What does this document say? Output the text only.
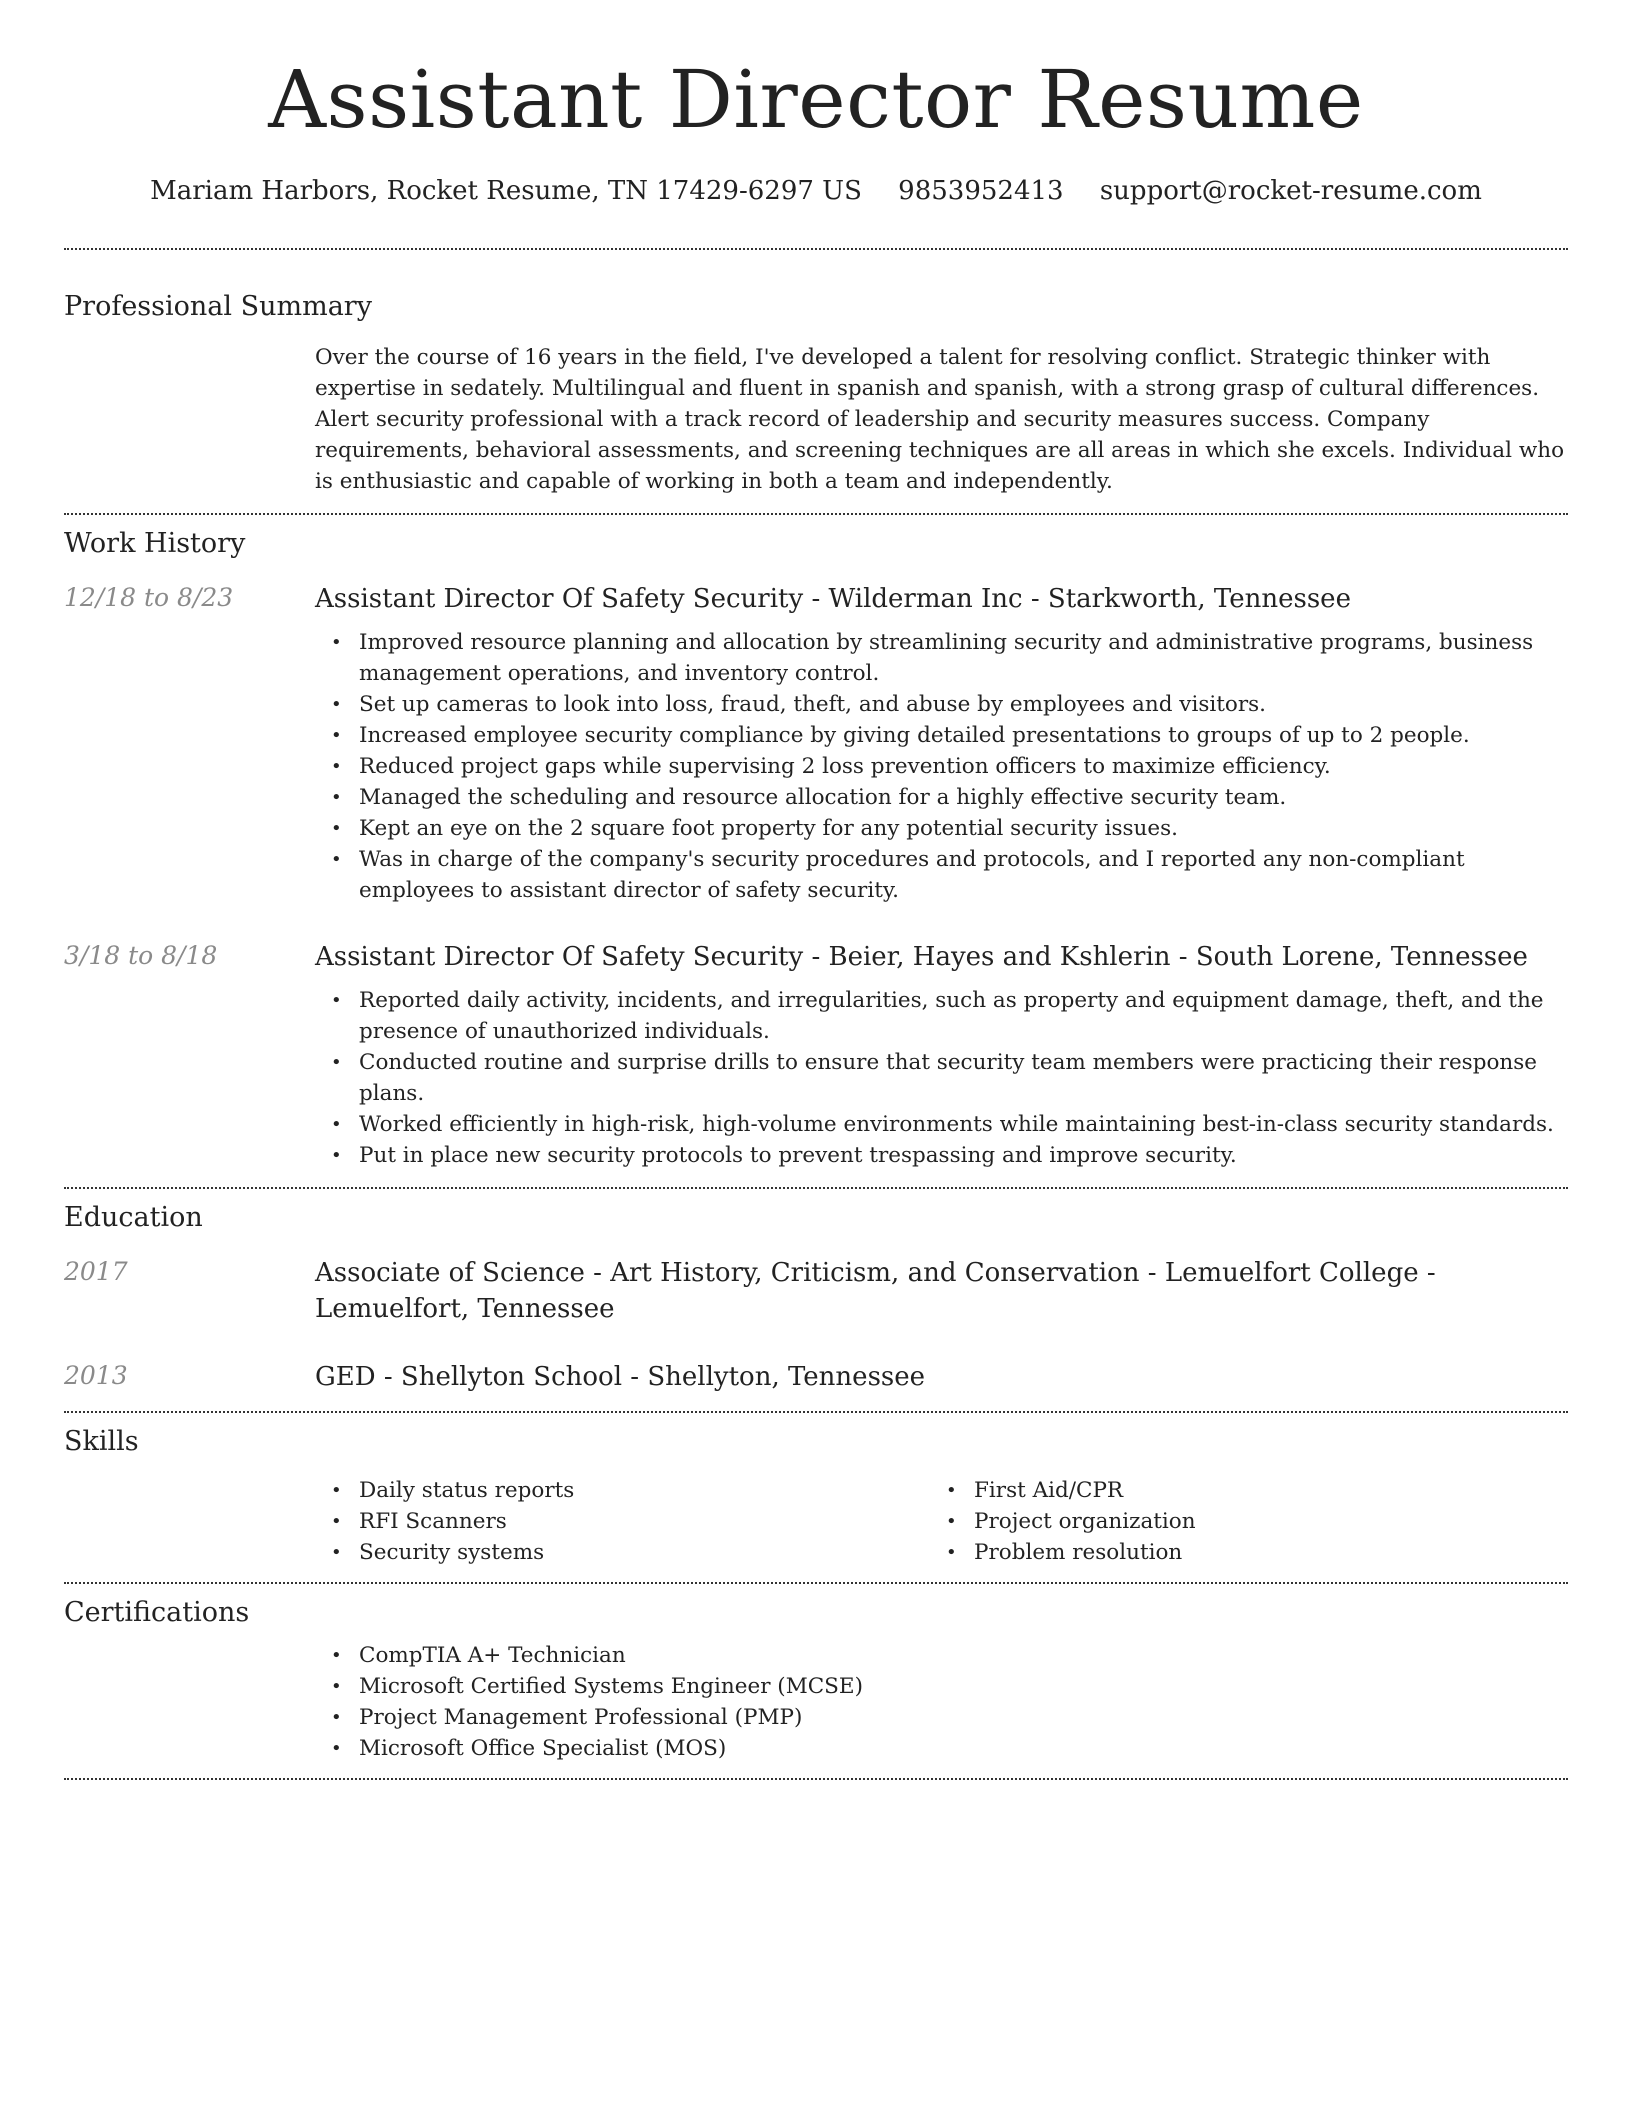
Assistant Director Resume
Mariam Harbors, Rocket Resume, TN 17429-6297 US 9853952413 support@rocket-resume.com
Professional Summary

Over the course of 16 years in the field, I've developed a talent for resolving conflict. Strategic thinker with expertise in sedately. Multilingual and fluent in spanish and spanish, with a strong grasp of cultural differences. Alert security professional with a track record of leadership and security measures success. Company requirements, behavioral assessments, and screening techniques are all areas in which she excels. Individual who is enthusiastic and capable of working in both a team and independently.

Work History
12/18 to 8/23	Assistant Director Of Safety Security - Wilderman Inc - Starkworth, Tennessee
• Improved resource planning and allocation by streamlining security and administrative programs, business management operations, and inventory control.
• Set up cameras to look into loss, fraud, theft, and abuse by employees and visitors.
• Increased employee security compliance by giving detailed presentations to groups of up to 2 people.
• Reduced project gaps while supervising 2 loss prevention officers to maximize efficiency.
• Managed the scheduling and resource allocation for a highly effective security team.
• Kept an eye on the 2 square foot property for any potential security issues.
• Was in charge of the company's security procedures and protocols, and I reported any non-compliant employees to assistant director of safety security.
3/18 to 8/18	Assistant Director Of Safety Security - Beier, Hayes and Kshlerin - South Lorene, Tennessee
• Reported daily activity, incidents, and irregularities, such as property and equipment damage, theft, and the presence of unauthorized individuals.
• Conducted routine and surprise drills to ensure that security team members were practicing their response plans.
• Worked efficiently in high-risk, high-volume environments while maintaining best-in-class security standards.
• Put in place new security protocols to prevent trespassing and improve security.
Education
2017	Associate of Science - Art History, Criticism, and Conservation - Lemuelfort College - Lemuelfort, Tennessee
2013	GED - Shellyton School - Shellyton, Tennessee
Skills
• Daily status reports
• RFI Scanners
• Security systems
• First Aid/CPR
• Project organization
• Problem resolution
Certifications
• CompTIA A+ Technician
• Microsoft Certified Systems Engineer (MCSE)
• Project Management Professional (PMP)
• Microsoft Office Specialist (MOS)
